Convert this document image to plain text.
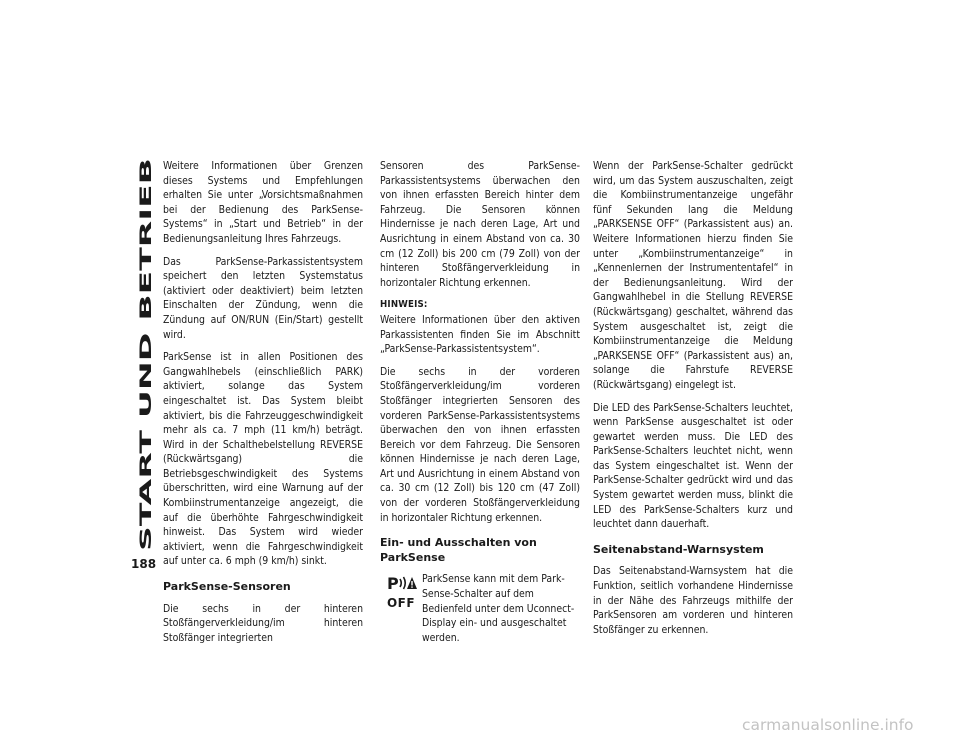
START UND BETRIEB
188

Weitere Informationen über Grenzen dieses Systems und Empfehlungen erhalten Sie unter „Vorsichtsmaßnahmen bei der Bedienung des ParkSense-Systems“ in „Start und Betrieb“ in der Bedienungsanleitung Ihres Fahrzeugs.

Das ParkSense-Parkassistentsystem speichert den letzten Systemstatus (aktiviert oder deaktiviert) beim letzten Einschalten der Zündung, wenn die Zündung auf ON/RUN (Ein/Start) gestellt wird.

ParkSense ist in allen Positionen des Gangwahlhebels (einschließlich PARK) aktiviert, solange das System eingeschaltet ist. Das System bleibt aktiviert, bis die Fahrzeuggeschwindigkeit mehr als ca. 7 mph (11 km/h) beträgt. Wird in der Schalthebelstellung REVERSE (Rückwärtsgang) die Betriebsgeschwindigkeit des Systems überschritten, wird eine Warnung auf der Kombiinstrumentanzeige angezeigt, die auf die überhöhte Fahrgeschwindigkeit hinweist. Das System wird wieder aktiviert, wenn die Fahrgeschwindigkeit auf unter ca. 6 mph (9 km/h) sinkt.

ParkSense-Sensoren

Die sechs in der hinteren Stoßfängerverkleidung/im hinteren Stoßfänger integrierten

Sensoren des ParkSense-Parkassistentsystems überwachen den von ihnen erfassten Bereich hinter dem Fahrzeug. Die Sensoren können Hindernisse je nach deren Lage, Art und Ausrichtung in einem Abstand von ca. 30 cm (12 Zoll) bis 200 cm (79 Zoll) von der hinteren Stoßfängerverkleidung in horizontaler Richtung erkennen.

HINWEIS:
Weitere Informationen über den aktiven Parkassistenten finden Sie im Abschnitt „ParkSense-Parkassistentsystem“.

Die sechs in der vorderen Stoßfängerverkleidung/im vorderen Stoßfänger integrierten Sensoren des vorderen ParkSense-Parkassistentsystems überwachen den von ihnen erfassten Bereich vor dem Fahrzeug. Die Sensoren können Hindernisse je nach deren Lage, Art und Ausrichtung in einem Abstand von ca. 30 cm (12 Zoll) bis 120 cm (47 Zoll) von der vorderen Stoßfängerverkleidung in horizontaler Richtung erkennen.

Ein- und Ausschalten von ParkSense
P
OFF

ParkSense kann mit dem Park-Sense-Schalter auf dem Bedienfeld unter dem Uconnect-Display ein- und ausgeschaltet werden.

Wenn der ParkSense-Schalter gedrückt wird, um das System auszuschalten, zeigt die Kombiinstrumentanzeige ungefähr fünf Sekunden lang die Meldung „PARKSENSE OFF“ (Parkassistent aus) an. Weitere Informationen hierzu finden Sie unter „Kombiinstrumentanzeige“ in „Kennenlernen der Instrumententafel“ in der Bedienungsanleitung. Wird der Gangwahlhebel in die Stellung REVERSE (Rückwärtsgang) geschaltet, während das System ausgeschaltet ist, zeigt die Kombiinstrumentanzeige die Meldung „PARKSENSE OFF“ (Parkassistent aus) an, solange die Fahrstufe REVERSE (Rückwärtsgang) eingelegt ist.

Die LED des ParkSense-Schalters leuchtet, wenn ParkSense ausgeschaltet ist oder gewartet werden muss. Die LED des ParkSense-Schalters leuchtet nicht, wenn das System eingeschaltet ist. Wenn der ParkSense-Schalter gedrückt wird und das System gewartet werden muss, blinkt die LED des ParkSense-Schalters kurz und leuchtet dann dauerhaft.

Seitenabstand-Warnsystem

Das Seitenabstand-Warnsystem hat die Funktion, seitlich vorhandene Hindernisse in der Nähe des Fahrzeugs mithilfe der ParkSensoren am vorderen und hinteren Stoßfänger zu erkennen.

carmanualsonline.info
